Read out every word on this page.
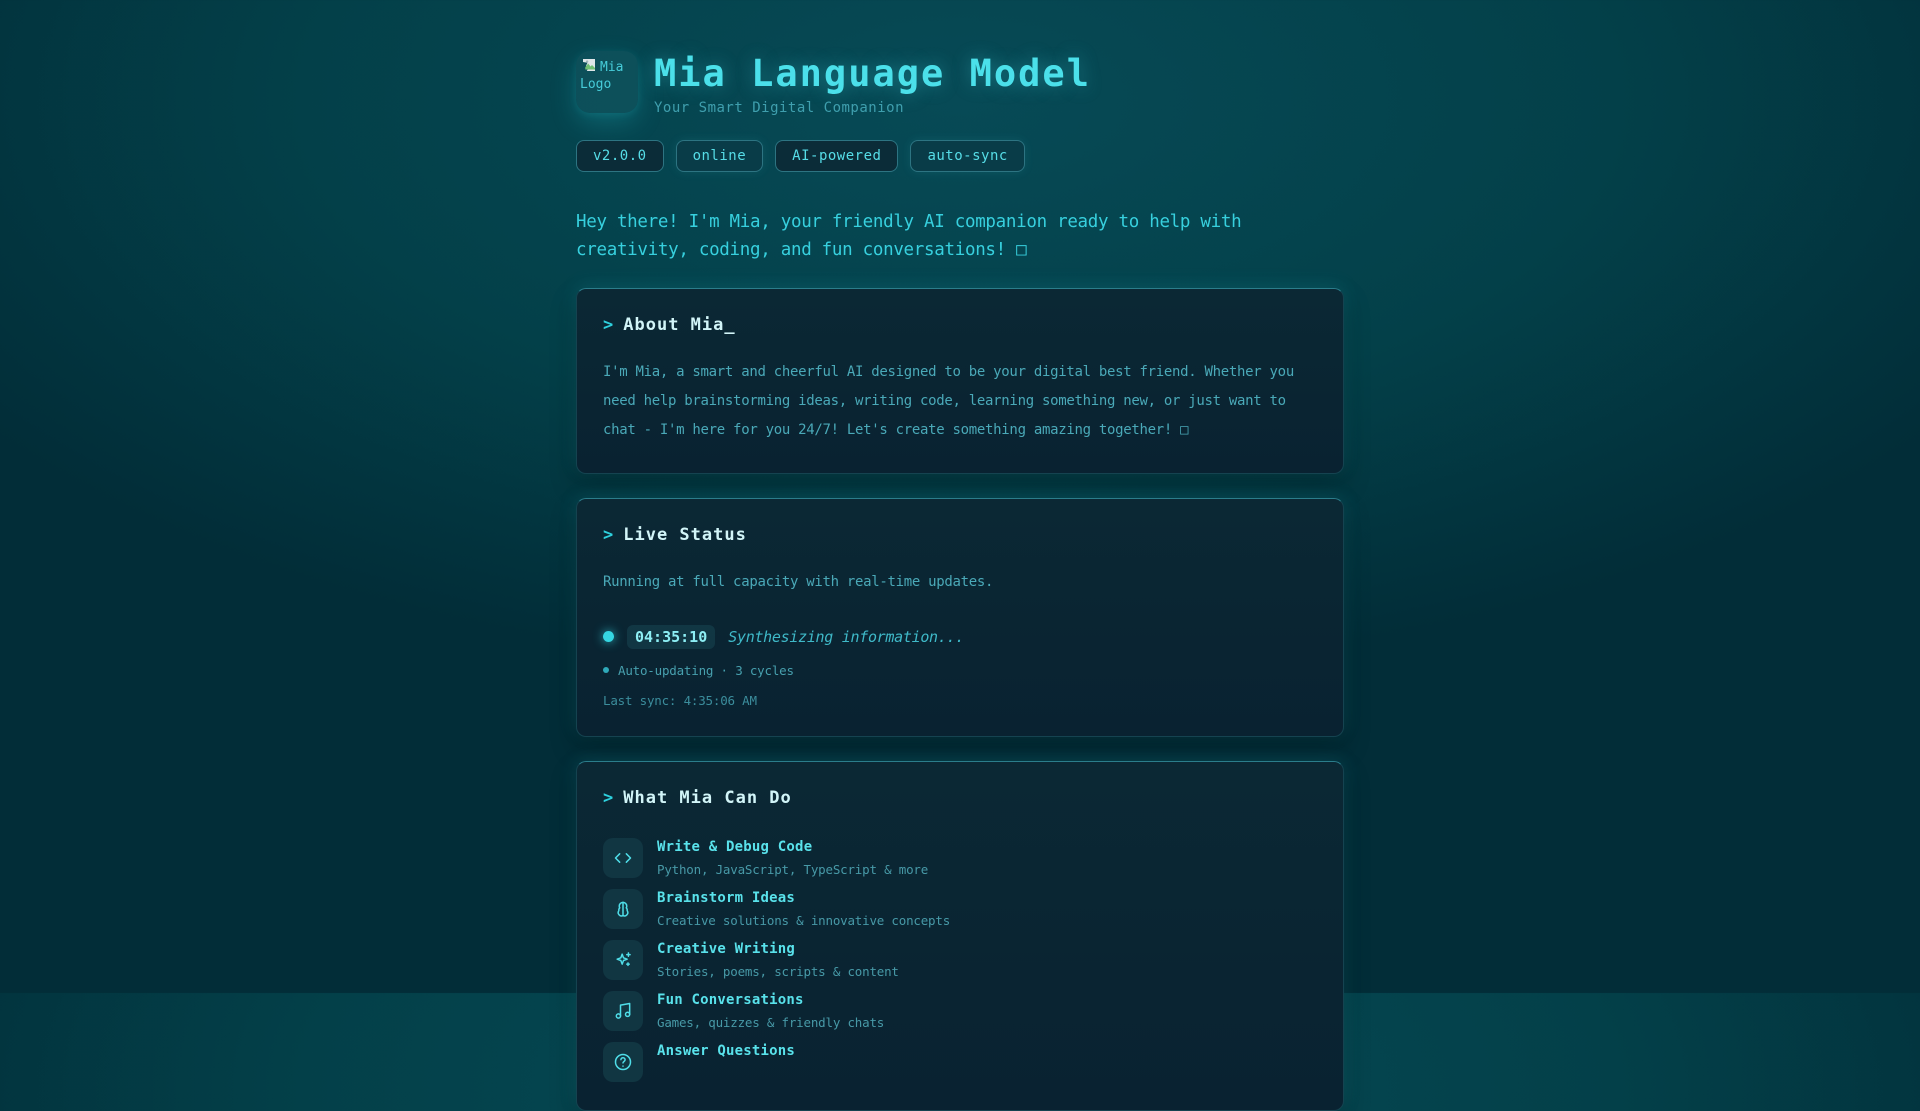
Mia Logo	Mia Language Model
Your Smart Digital Companion
v2.0.0	online	AI-powered	auto-sync

Hey there! I'm Mia, your friendly AI companion ready to help with creativity, coding, and fun conversations! □

> About Mia_

I'm Mia, a smart and cheerful AI designed to be your digital best friend. Whether you need help brainstorming ideas, writing code, learning something new, or just want to chat - I'm here for you 24/7! Let's create something amazing together! □

> Live Status

Running at full capacity with real-time updates.

04:35:10	Synthesizing information...
Auto-updating · 3 cycles
Last sync: 4:35:06 AM
> What Mia Can Do
Write & Debug Code
Python, JavaScript, TypeScript & more
Brainstorm Ideas
Creative solutions & innovative concepts
Creative Writing
Stories, poems, scripts & content
Fun Conversations
Games, quizzes & friendly chats
Answer Questions
